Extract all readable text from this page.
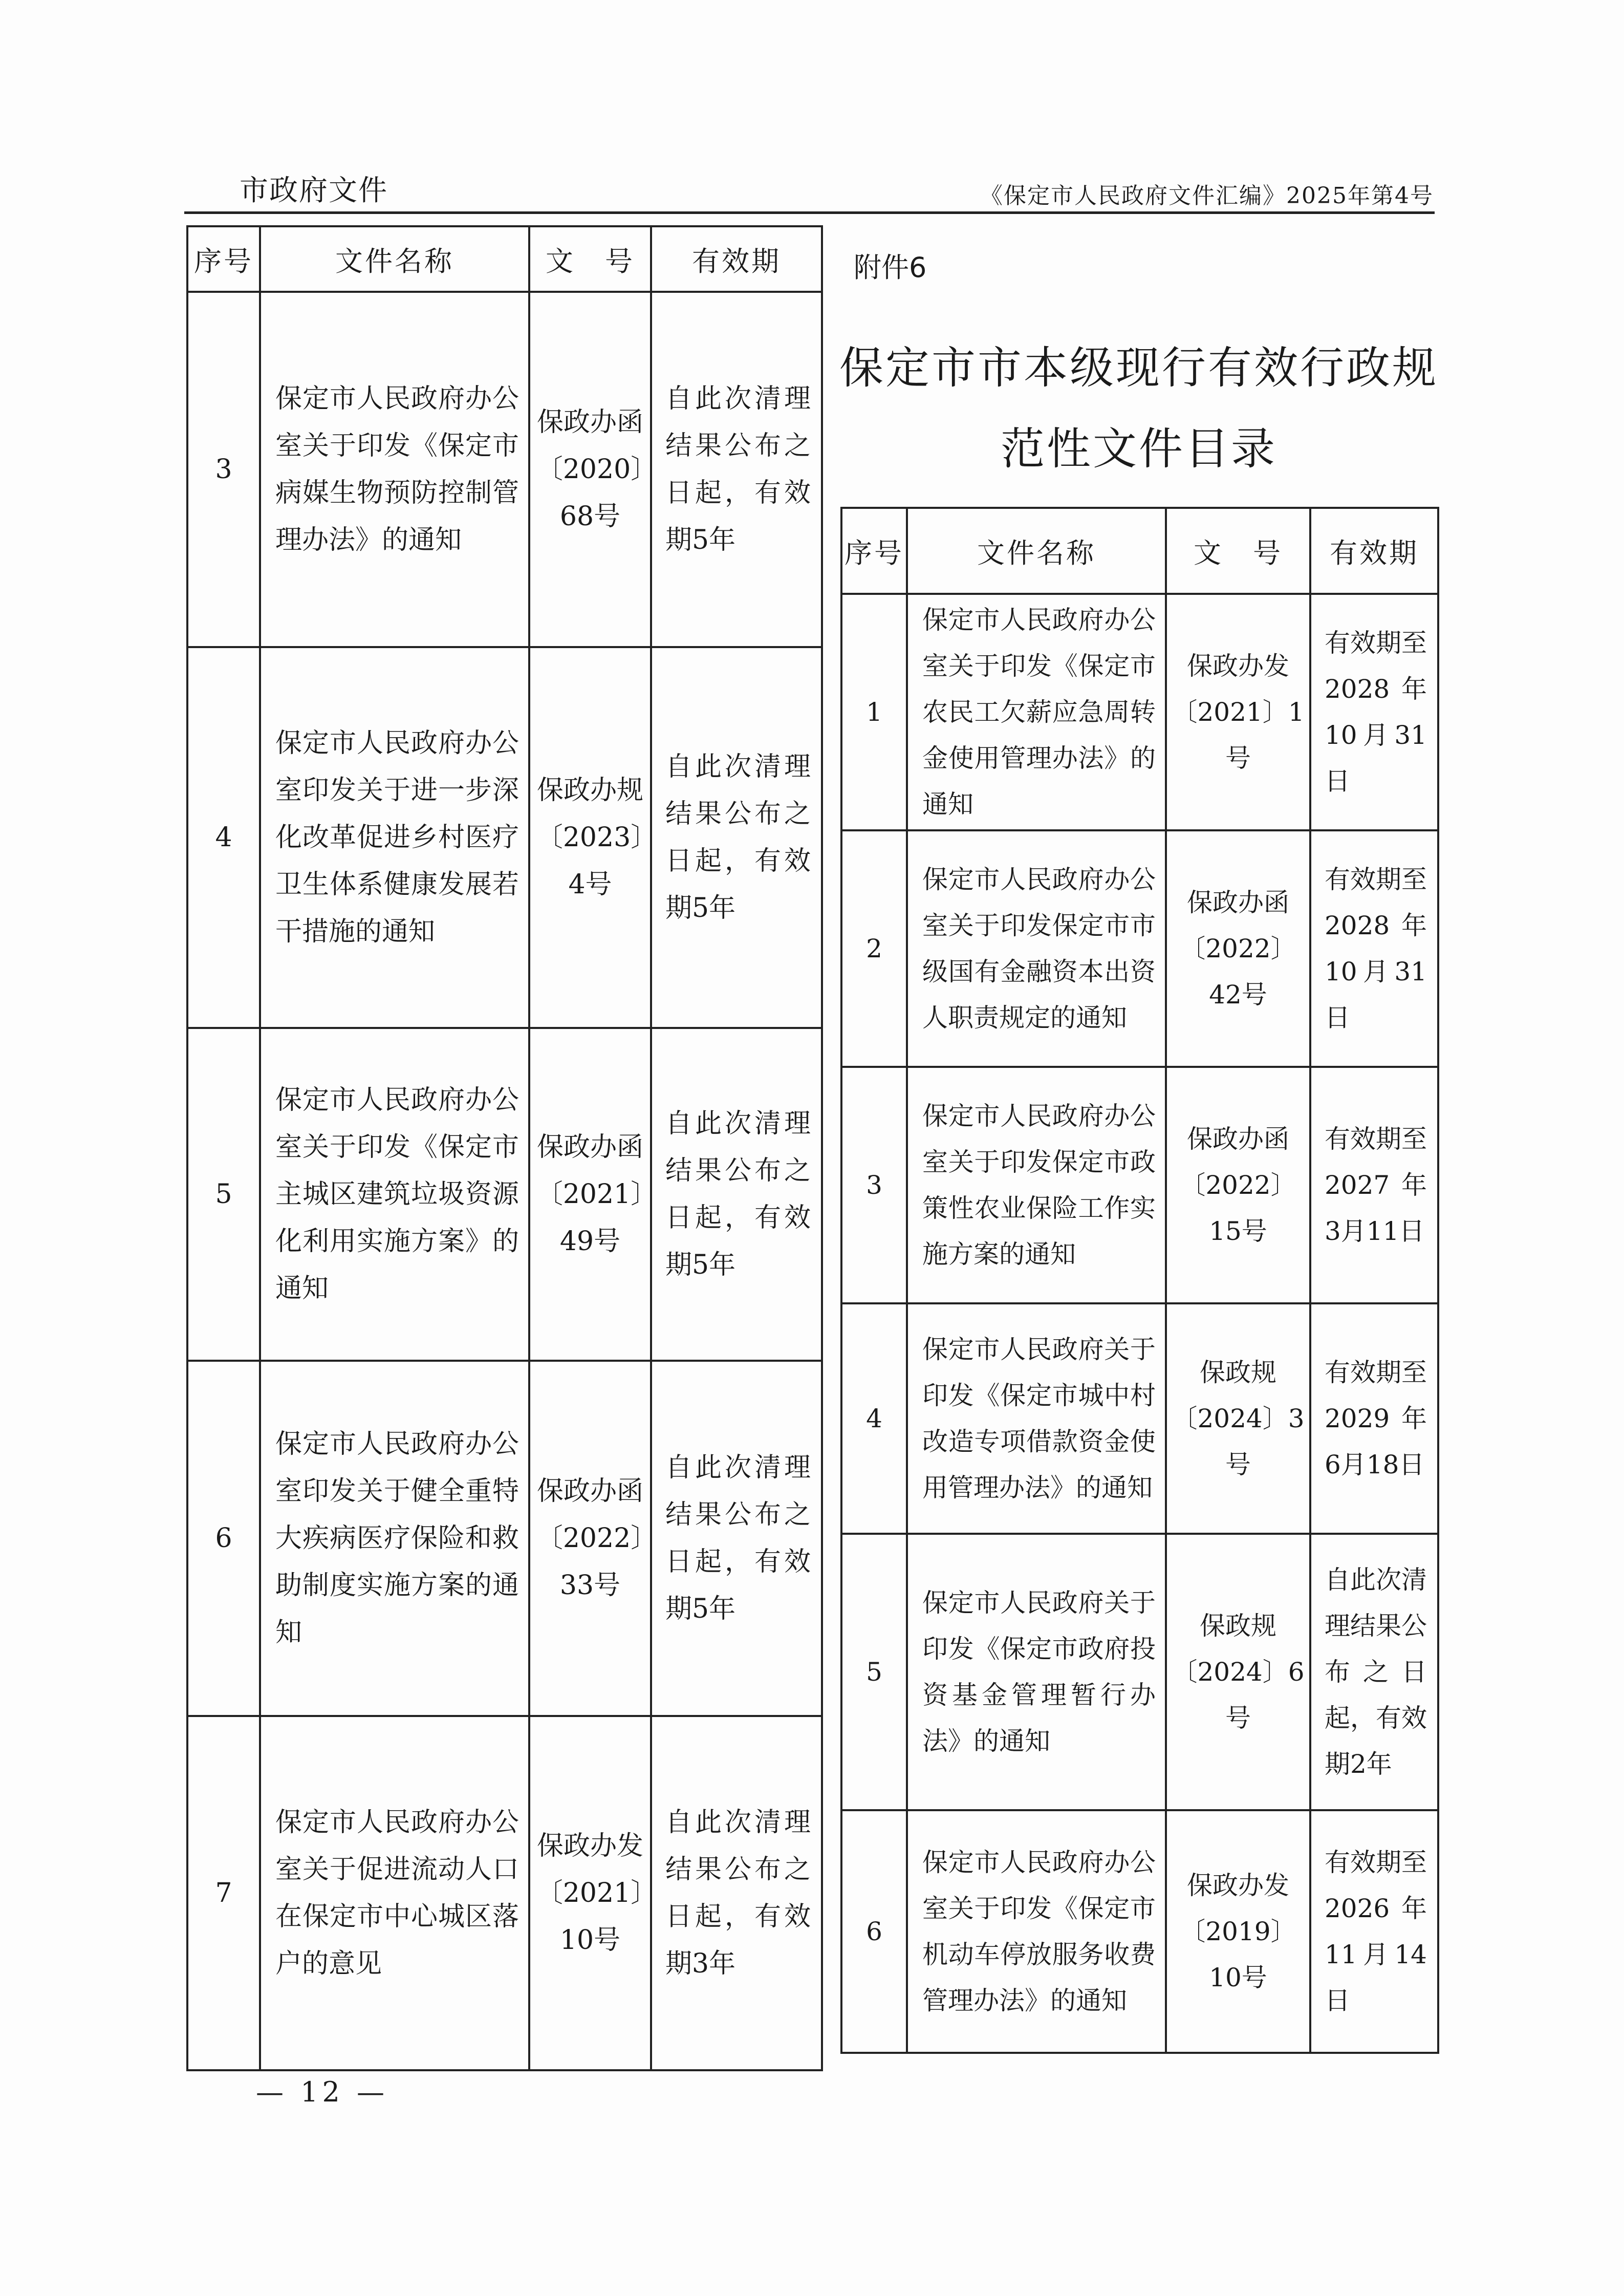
市政府文件	《保定市人民政府文件汇编》2025年第4号
序号	文件名称	文　号	有效期
3	保定市人民政府办公室关于印发《保定市病媒生物预防控制管理办法》的通知	保政办函〔2020〕68号	自此次清理结果公布之日起，有效期5年
4	保定市人民政府办公室印发关于进一步深化改革促进乡村医疗卫生体系健康发展若干措施的通知	保政办规〔2023〕4号	自此次清理结果公布之日起，有效期5年
5	保定市人民政府办公室关于印发《保定市主城区建筑垃圾资源化利用实施方案》的通知	保政办函〔2021〕49号	自此次清理结果公布之日起，有效期5年
6	保定市人民政府办公室印发关于健全重特大疾病医疗保险和救助制度实施方案的通知	保政办函〔2022〕33号	自此次清理结果公布之日起，有效期5年
7	保定市人民政府办公室关于促进流动人口在保定市中心城区落户的意见	保政办发〔2021〕10号	自此次清理结果公布之日起，有效期3年
附件6
保定市市本级现行有效行政规范性文件目录
序号	文件名称	文　号	有效期
1	保定市人民政府办公室关于印发《保定市农民工欠薪应急周转金使用管理办法》的通知	保政办发〔2021〕1号	有效期至2028年10月31日
2	保定市人民政府办公室关于印发保定市市级国有金融资本出资人职责规定的通知	保政办函〔2022〕42号	有效期至2028年10月31日
3	保定市人民政府办公室关于印发保定市政策性农业保险工作实施方案的通知	保政办函〔2022〕15号	有效期至2027年3月11日
4	保定市人民政府关于印发《保定市城中村改造专项借款资金使用管理办法》的通知	保政规〔2024〕3号	有效期至2029年6月18日
5	保定市人民政府关于印发《保定市政府投资基金管理暂行办法》的通知	保政规〔2024〕6号	自此次清理结果公布之日起，有效期2年
6	保定市人民政府办公室关于印发《保定市机动车停放服务收费管理办法》的通知	保政办发〔2019〕10号	有效期至2026年11月14日
— 12 —
